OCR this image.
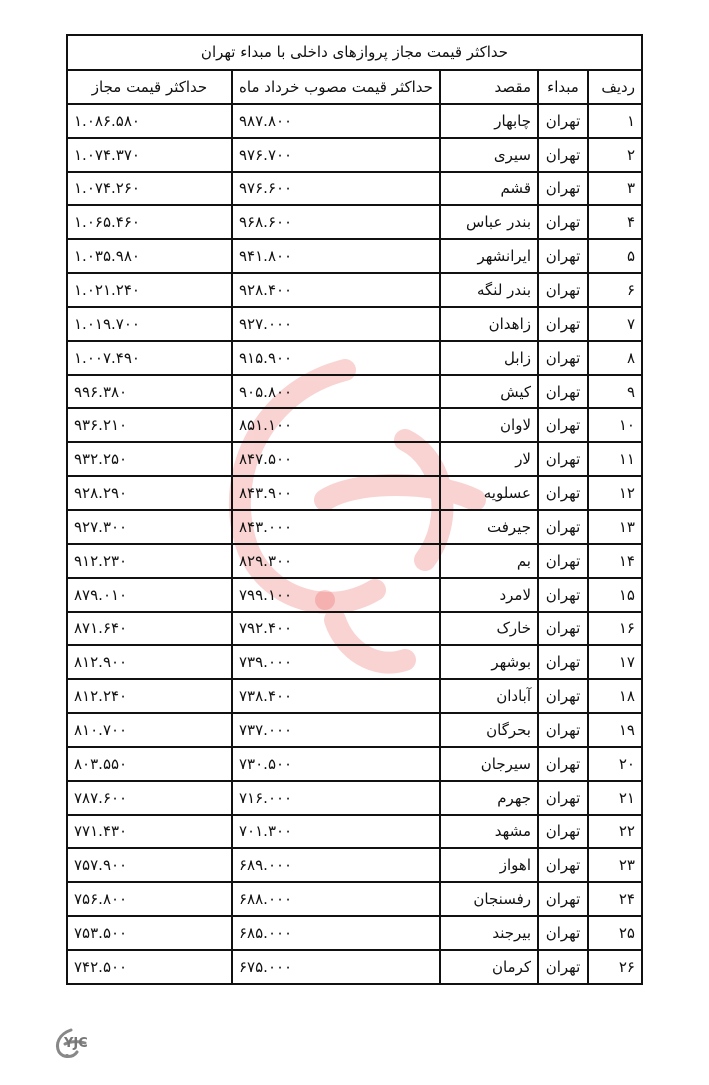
حداکثر قیمت مجاز پروازهای داخلی با مبداء تهران
ردیف	مبداء	مقصد	حداکثر قیمت مصوب خرداد ماه	حداکثر قیمت مجاز
۱	تهران	چابهار	۹۸۷.۸۰۰	۱.۰۸۶.۵۸۰
۲	تهران	سیری	۹۷۶.۷۰۰	۱.۰۷۴.۳۷۰
۳	تهران	قشم	۹۷۶.۶۰۰	۱.۰۷۴.۲۶۰
۴	تهران	بندر عباس	۹۶۸.۶۰۰	۱.۰۶۵.۴۶۰
۵	تهران	ایرانشهر	۹۴۱.۸۰۰	۱.۰۳۵.۹۸۰
۶	تهران	بندر لنگه	۹۲۸.۴۰۰	۱.۰۲۱.۲۴۰
۷	تهران	زاهدان	۹۲۷.۰۰۰	۱.۰۱۹.۷۰۰
۸	تهران	زابل	۹۱۵.۹۰۰	۱.۰۰۷.۴۹۰
۹	تهران	کیش	۹۰۵.۸۰۰	۹۹۶.۳۸۰
۱۰	تهران	لاوان	۸۵۱.۱۰۰	۹۳۶.۲۱۰
۱۱	تهران	لار	۸۴۷.۵۰۰	۹۳۲.۲۵۰
۱۲	تهران	عسلویه	۸۴۳.۹۰۰	۹۲۸.۲۹۰
۱۳	تهران	جیرفت	۸۴۳.۰۰۰	۹۲۷.۳۰۰
۱۴	تهران	بم	۸۲۹.۳۰۰	۹۱۲.۲۳۰
۱۵	تهران	لامرد	۷۹۹.۱۰۰	۸۷۹.۰۱۰
۱۶	تهران	خارک	۷۹۲.۴۰۰	۸۷۱.۶۴۰
۱۷	تهران	بوشهر	۷۳۹.۰۰۰	۸۱۲.۹۰۰
۱۸	تهران	آبادان	۷۳۸.۴۰۰	۸۱۲.۲۴۰
۱۹	تهران	بحرگان	۷۳۷.۰۰۰	۸۱۰.۷۰۰
۲۰	تهران	سیرجان	۷۳۰.۵۰۰	۸۰۳.۵۵۰
۲۱	تهران	جهرم	۷۱۶.۰۰۰	۷۸۷.۶۰۰
۲۲	تهران	مشهد	۷۰۱.۳۰۰	۷۷۱.۴۳۰
۲۳	تهران	اهواز	۶۸۹.۰۰۰	۷۵۷.۹۰۰
۲۴	تهران	رفسنجان	۶۸۸.۰۰۰	۷۵۶.۸۰۰
۲۵	تهران	بیرجند	۶۸۵.۰۰۰	۷۵۳.۵۰۰
۲۶	تهران	کرمان	۶۷۵.۰۰۰	۷۴۲.۵۰۰
YJC
